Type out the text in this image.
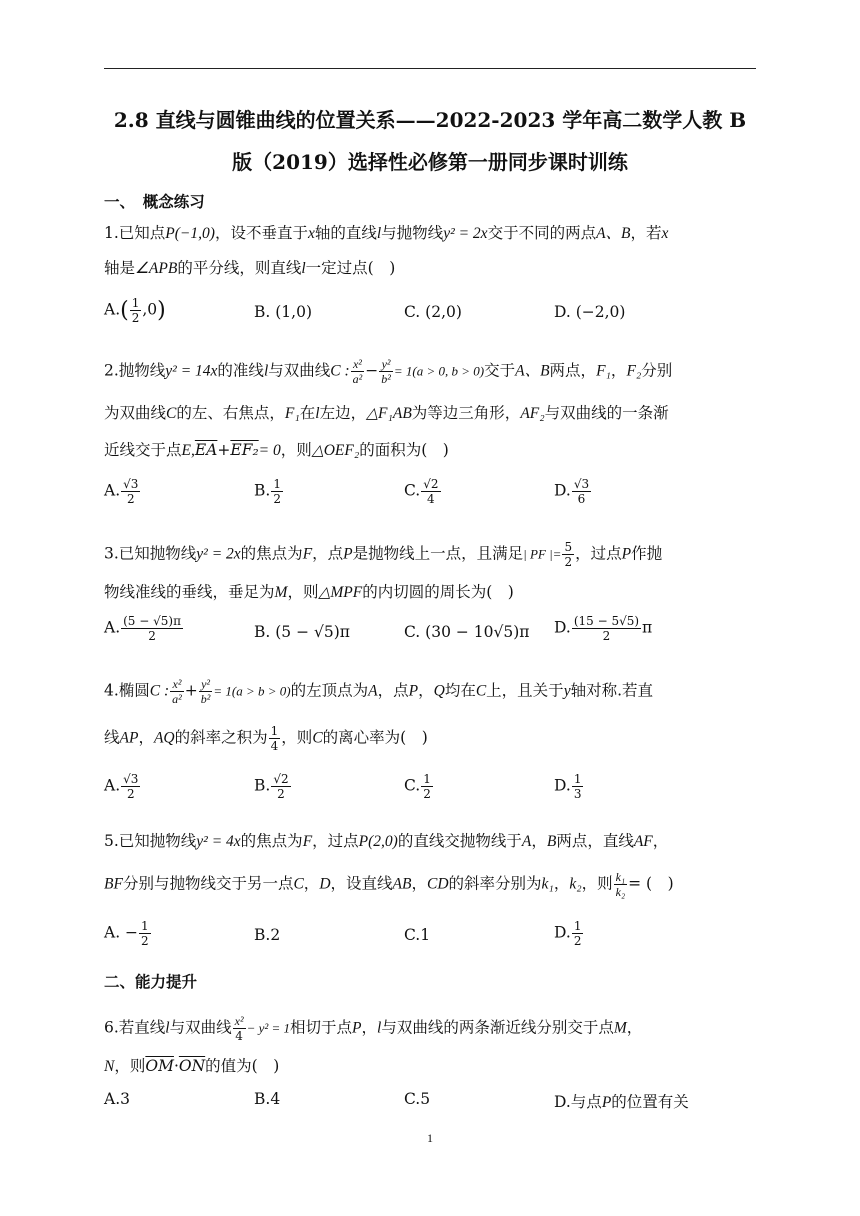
2.8 直线与圆锥曲线的位置关系——2022-2023 学年高二数学人教 B
版（2019）选择性必修第一册同步课时训练
一、　概念练习
1.已知点P(−1,0)，设不垂直于x轴的直线l与抛物线y² = 2x交于不同的两点A、B，若x
轴是∠APB的平分线，则直线l一定过点(　)
$A.( \frac{1}{2} ,0)$	B. (1,0)	C. (2,0)	D. (−2,0)
2.抛物线y² = 14x的准线l与双曲线C : $\frac{\text{x²}}{\text{a²}} - \frac{\text{y²}}{\text{b²}} = 1(a > 0$, b > 0)交于A、B两点，F₁，F₂分别
为双曲线C的左、右焦点，F₁在l左边，△F₁AB为等边三角形，AF₂与双曲线的一条渐
近线交于点$E,\overline{EA}+EF_2= 0$，则△OEF₂的面积为(　)
A. $\frac{√3}{2}$	B. $\frac{1}{2}$	C. $\frac{√2}{4}$	D. $\frac{√3}{6}$
3.已知抛物线y² = 2x的焦点为F，点P是抛物线上一点，且满足| PF |= $\frac{5}{2}$ ，过点P作抛
物线准线的垂线，垂足为M，则△MPF的内切圆的周长为(　)
A. $\frac{(5 - √5)\pi}{2}$	B. (5 − √5)π	C. (30 − 10√5)π D. $\frac{(15 - 5√5)}{2}$ π
4.椭圆C : $\frac{\text{x²}}{\text{a²}} + \frac{\text{y²}}{\text{b²}} = 1(a > b > 0)$的左顶点为A，点P，Q均在C上，且关于y轴对称.若直
线AP，AQ的斜率之积为 $\frac{1}{4}$ ，则C的离心率为(　)
A. $\frac{√3}{2}$	B. $\frac{√2}{2}$	C. $\frac{1}{2}$	D. $\frac{1}{3}$
5.已知抛物线y² = 4x的焦点为F，过点P(2,0)的直线交抛物线于A，B两点，直线AF，
BF分别与抛物线交于另一点C，D，设直线AB，CD的斜率分别为k₁，k₂，则 $\frac{\text{k₁}}{\text{k₂}}$ = (　)
A. − $\frac{1}{2}$	B.2	C.1	D. $\frac{1}{2}$
二、能力提升
6.若直线l与双曲线 $\frac{\text{x²}}{4} - y^2 = 1$相切于点P，l与双曲线的两条渐近线分别交于点M，
N，则$\overline{OM}\cdot\overline{ON}$的值为(　)
A.3	B.4	C.5	D.与点P的位置有关
1
